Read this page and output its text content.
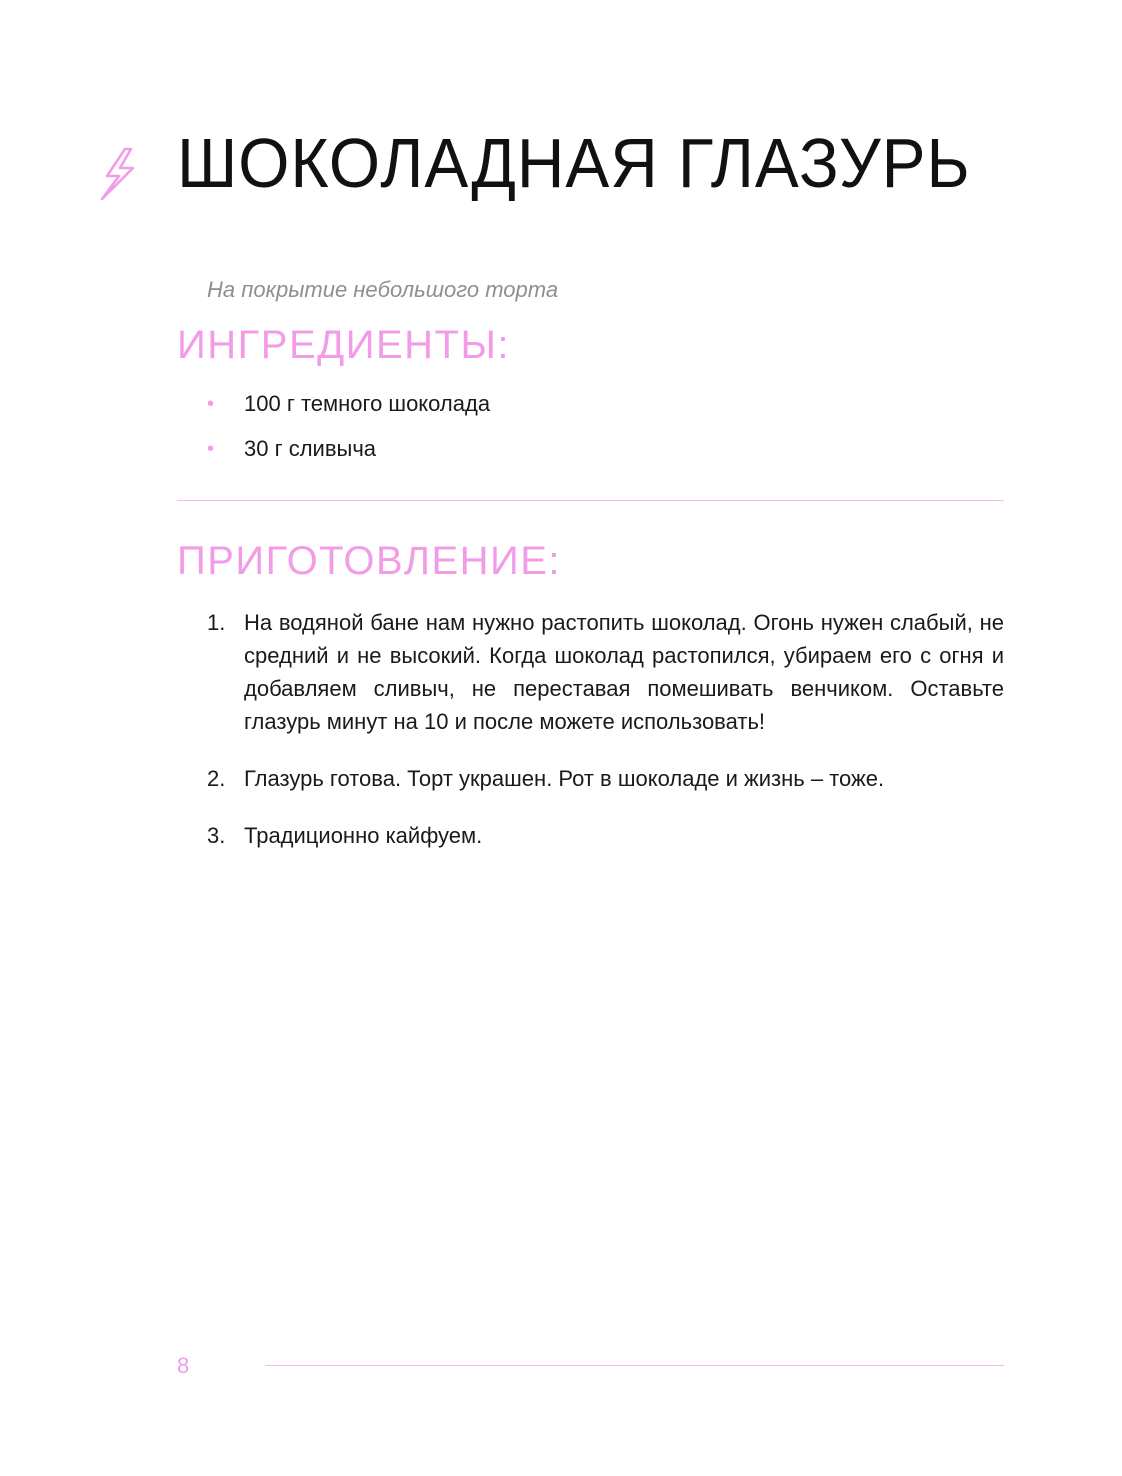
ШОКОЛАДНАЯ ГЛАЗУРЬ
На покрытие небольшого торта
ИНГРЕДИЕНТЫ:
• 100 г темного шоколада
• 30 г сливыча
ПРИГОТОВЛЕНИЕ:
1. На водяной бане нам нужно растопить шоколад. Огонь нужен слабый, не средний и не высокий. Когда шоколад растопился, убираем его с огня и добавляем сливыч, не переставая помешивать венчиком. Оставьте глазурь минут на 10 и после можете использовать!
2. Глазурь готова. Торт украшен. Рот в шоколаде и жизнь – тоже.
3. Традиционно кайфуем.
8
